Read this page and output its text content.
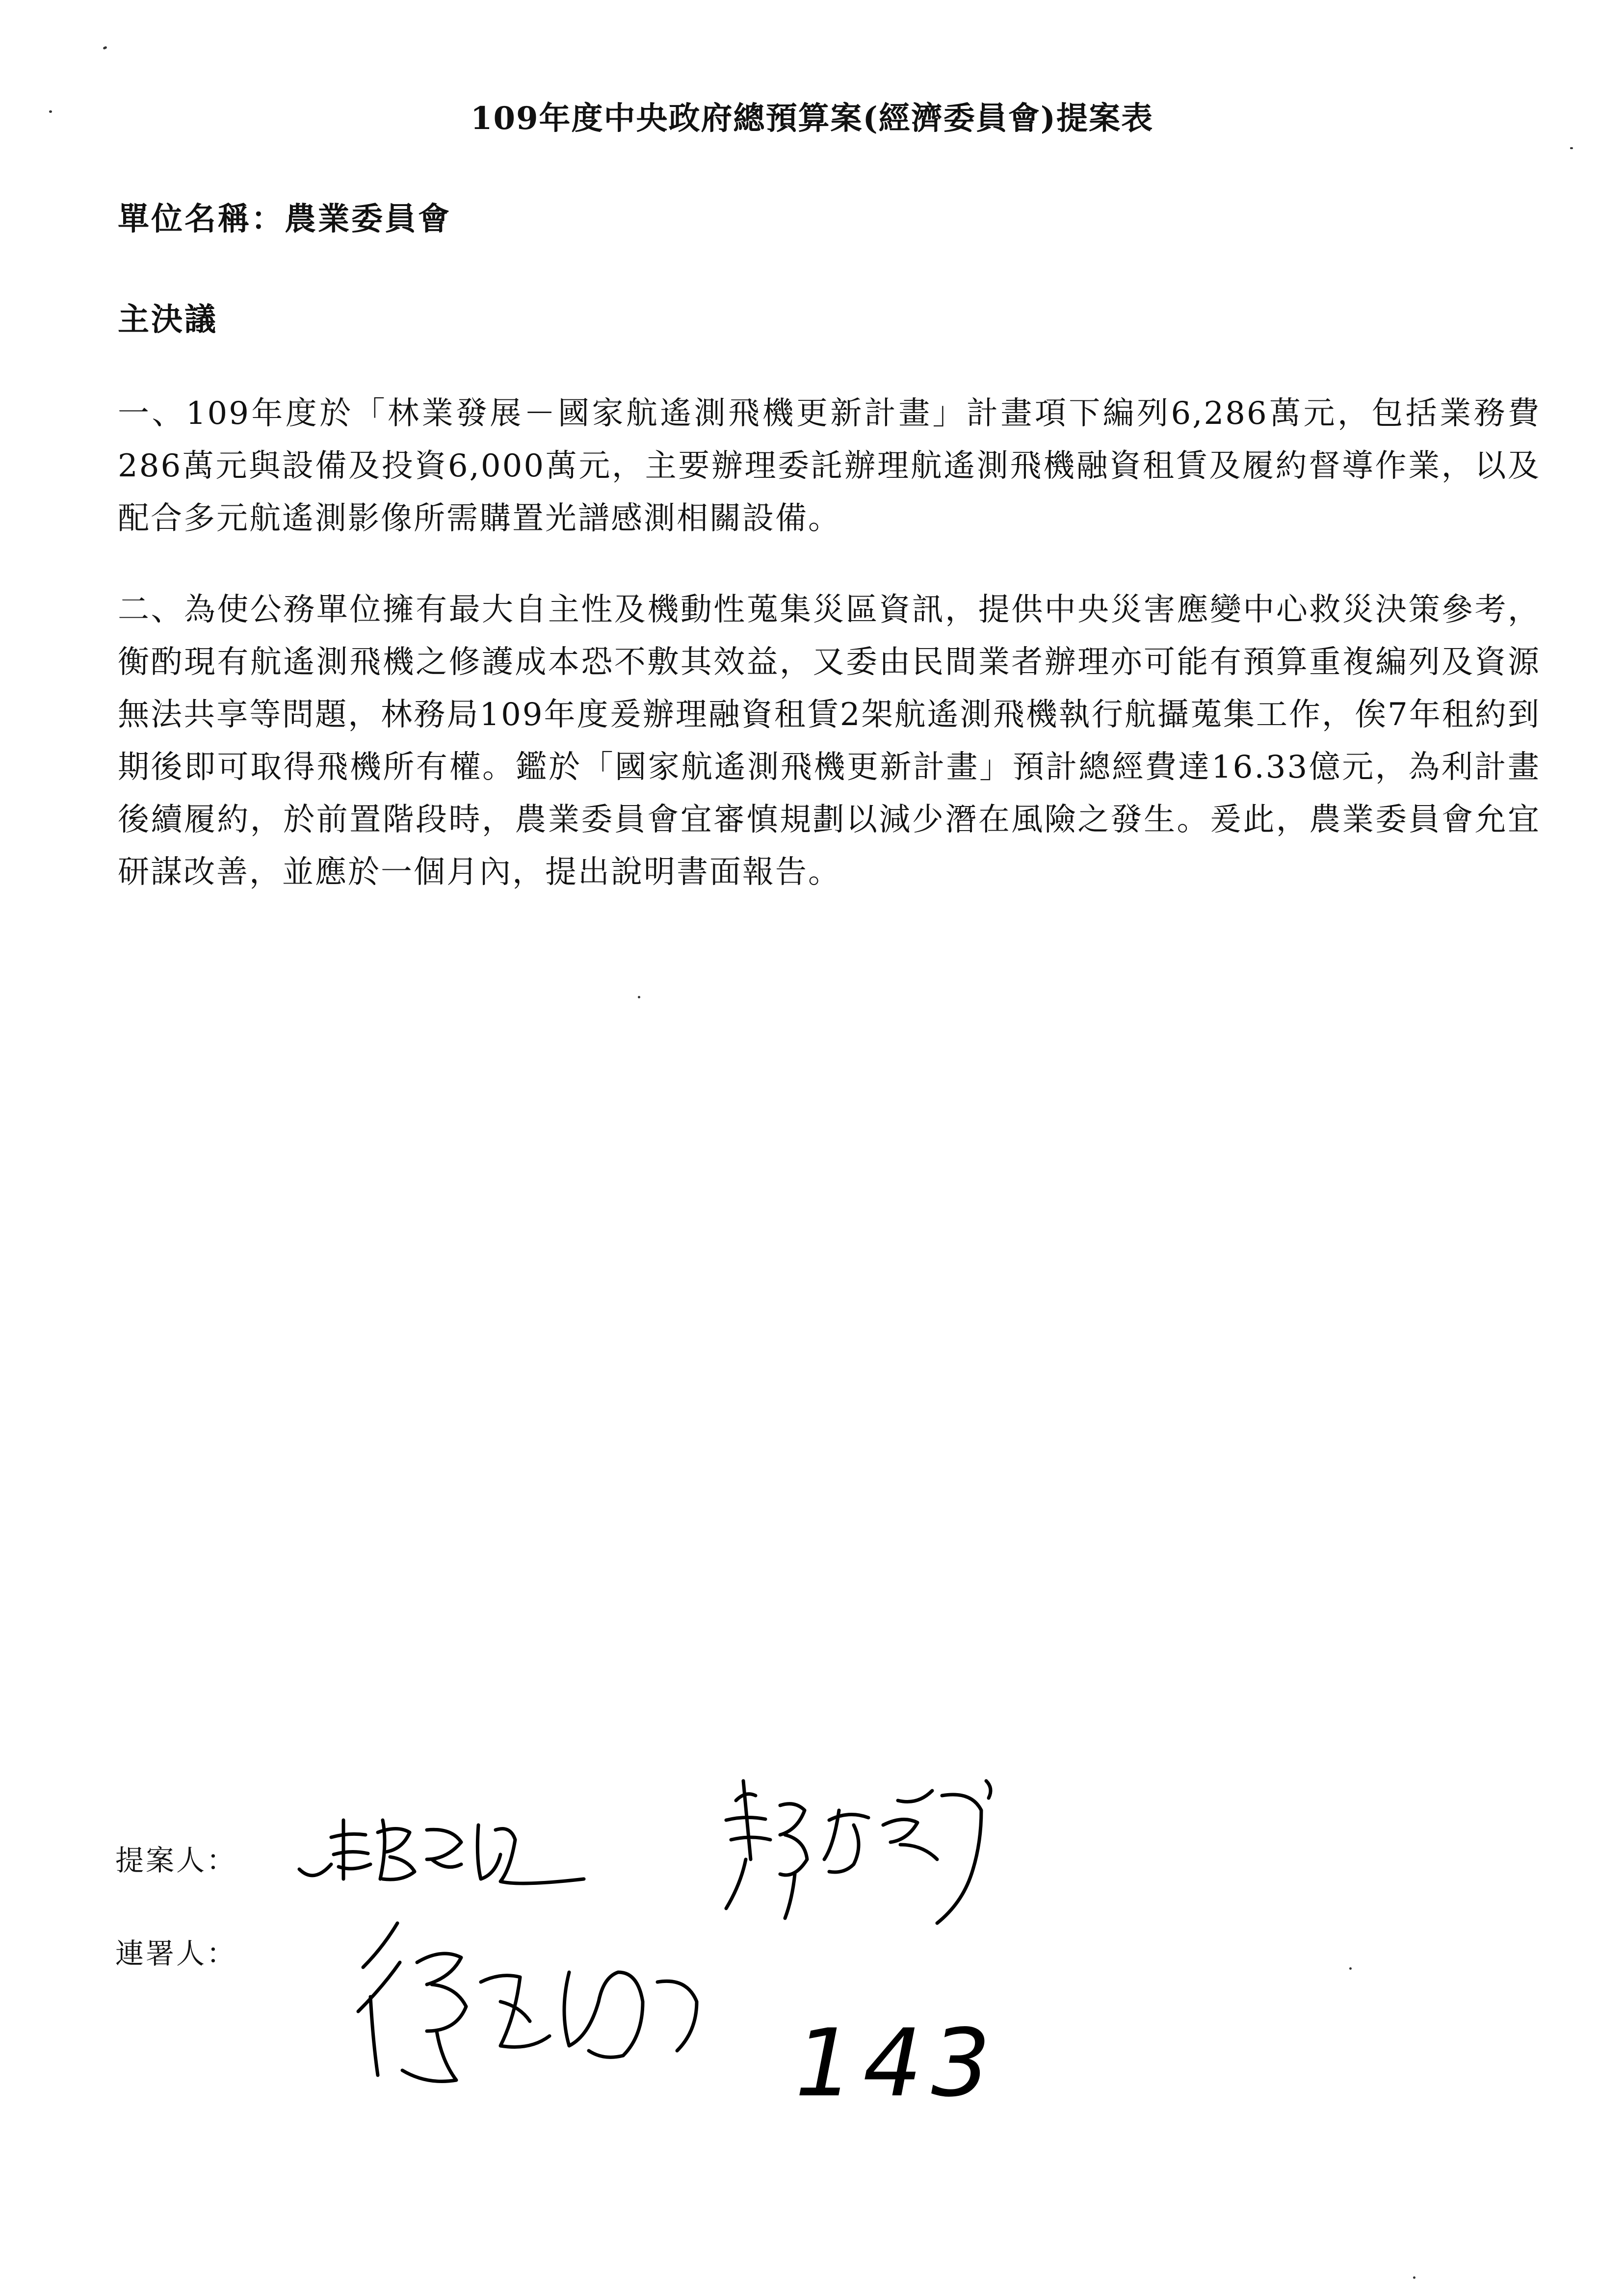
109年度中央政府總預算案(經濟委員會)提案表
單位名稱：農業委員會
主決議

一、109年度於「林業發展－國家航遙測飛機更新計畫」計畫項下編列6,286萬元，包括業務費286萬元與設備及投資6,000萬元，主要辦理委託辦理航遙測飛機融資租賃及履約督導作業，以及配合多元航遙測影像所需購置光譜感測相關設備。

二、為使公務單位擁有最大自主性及機動性蒐集災區資訊，提供中央災害應變中心救災決策參考，衡酌現有航遙測飛機之修護成本恐不敷其效益，又委由民間業者辦理亦可能有預算重複編列及資源無法共享等問題，林務局109年度爰辦理融資租賃2架航遙測飛機執行航攝蒐集工作，俟7年租約到期後即可取得飛機所有權。鑑於「國家航遙測飛機更新計畫」預計總經費達16.33億元，為利計畫後續履約，於前置階段時，農業委員會宜審慎規劃以減少潛在風險之發生。爰此，農業委員會允宜研謀改善，並應於一個月內，提出說明書面報告。

提案人：
連署人：
143
